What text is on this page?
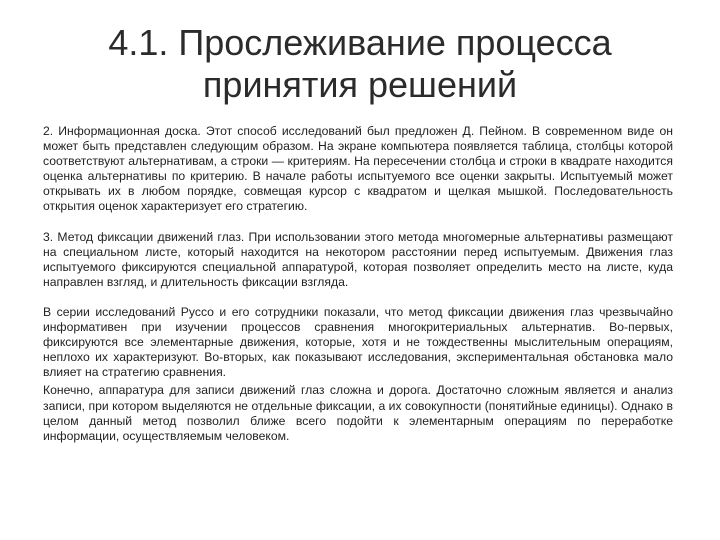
4.1. Прослеживание процесса
принятия решений

2. Информационная доска. Этот способ исследований был предложен Д. Пейном. В современном виде он может быть представлен следующим образом. На экране компьютера появляется таблица, столбцы которой соответствуют альтернативам, а строки — критериям. На пересечении столбца и строки в квадрате находится оценка альтернативы по критерию. В начале работы испытуемого все оценки закрыты. Испытуемый может открывать их в любом порядке, совмещая курсор с квадратом и щелкая мышкой. Последовательность открытия оценок характеризует его стратегию.

3. Метод фиксации движений глаз. При использовании этого метода многомерные альтернативы размещают на специальном листе, который находится на некотором расстоянии перед испытуемым. Движения глаз испытуемого фиксируются специальной аппаратурой, которая позволяет определить место на листе, куда направлен взгляд, и длительность фиксации взгляда.

В серии исследований Руссо и его сотрудники показали, что метод фиксации движения глаз чрезвычайно информативен при изучении процессов сравнения многокритериальных альтернатив. Во-первых, фиксируются все элементарные движения, которые, хотя и не тождественны мыслительным операциям, неплохо их характеризуют. Во-вторых, как показывают исследования, экспериментальная обстановка мало влияет на стратегию сравнения.

Конечно, аппаратура для записи движений глаз сложна и дорога. Достаточно сложным является и анализ записи, при котором выделяются не отдельные фиксации, а их совокупности (понятийные единицы). Однако в целом данный метод позволил ближе всего подойти к элементарным операциям по переработке информации, осуществляемым человеком.
